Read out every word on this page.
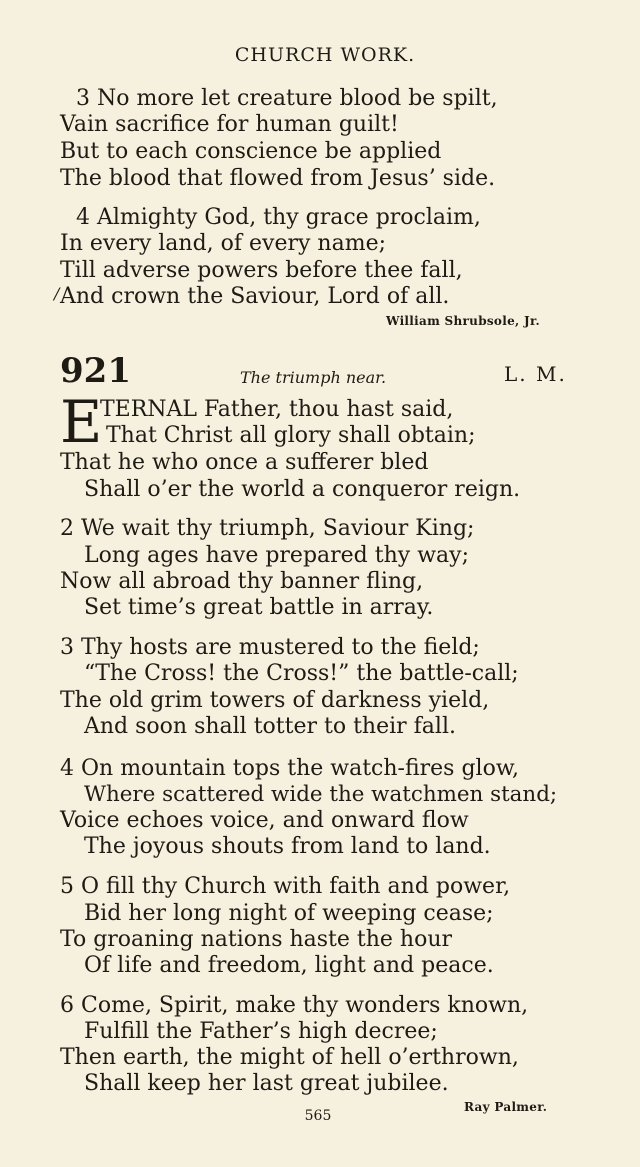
CHURCH WORK.
3 No more let creature blood be spilt,
Vain sacrifice for human guilt!
But to each conscience be applied
The blood that flowed from Jesus’ side.
4 Almighty God, thy grace proclaim,
In every land, of every name;
Till adverse powers before thee fall,
And crown the Saviour, Lord of all.
/
William Shrubsole, Jr.
921	The triumph near.	L. M.
E
TERNAL Father, thou hast said,
That Christ all glory shall obtain;
That he who once a sufferer bled
Shall o’er the world a conqueror reign.
2 We wait thy triumph, Saviour King;
Long ages have prepared thy way;
Now all abroad thy banner fling,
Set time’s great battle in array.
3 Thy hosts are mustered to the field;
“The Cross! the Cross!” the battle-call;
The old grim towers of darkness yield,
And soon shall totter to their fall.
4 On mountain tops the watch-fires glow,
Where scattered wide the watchmen stand;
Voice echoes voice, and onward flow
The joyous shouts from land to land.
5 O fill thy Church with faith and power,
Bid her long night of weeping cease;
To groaning nations haste the hour
Of life and freedom, light and peace.
6 Come, Spirit, make thy wonders known,
Fulfill the Father’s high decree;
Then earth, the might of hell o’erthrown,
Shall keep her last great jubilee.
Ray Palmer.
565
